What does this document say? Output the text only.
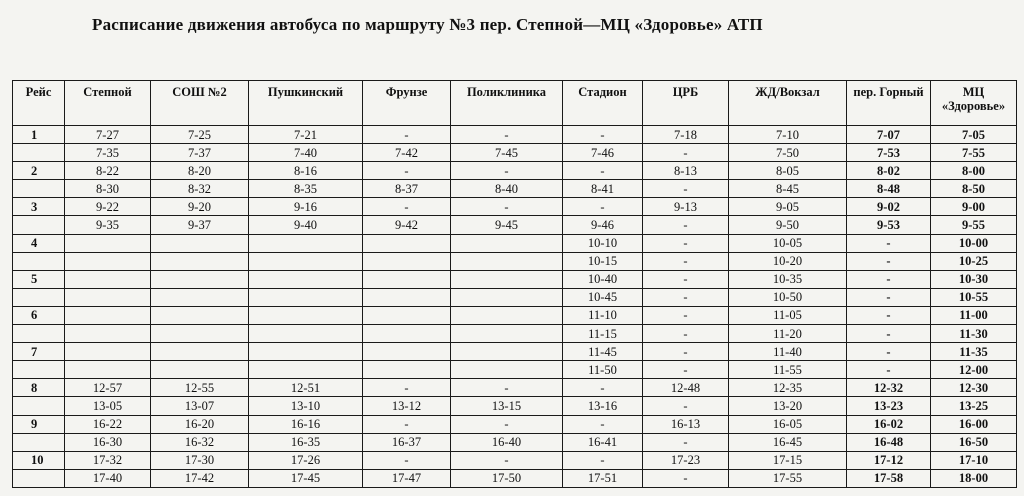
Расписание движения автобуса по маршруту №3 пер. Степной—МЦ «Здоровье» АТП
Рейс	Степной	СОШ №2	Пушкинский	Фрунзе	Поликлиника	Стадион	ЦРБ	ЖД/Вокзал	пер. Горный	МЦ «Здоровье»
1	7-27	7-25	7-21	-	-	-	7-18	7-10	7-07	7-05
	7-35	7-37	7-40	7-42	7-45	7-46	-	7-50	7-53	7-55
2	8-22	8-20	8-16	-	-	-	8-13	8-05	8-02	8-00
	8-30	8-32	8-35	8-37	8-40	8-41	-	8-45	8-48	8-50
3	9-22	9-20	9-16	-	-	-	9-13	9-05	9-02	9-00
	9-35	9-37	9-40	9-42	9-45	9-46	-	9-50	9-53	9-55
4						10-10	-	10-05	-	10-00
						10-15	-	10-20	-	10-25
5						10-40	-	10-35	-	10-30
						10-45	-	10-50	-	10-55
6						11-10	-	11-05	-	11-00
						11-15	-	11-20	-	11-30
7						11-45	-	11-40	-	11-35
						11-50	-	11-55	-	12-00
8	12-57	12-55	12-51	-	-	-	12-48	12-35	12-32	12-30
	13-05	13-07	13-10	13-12	13-15	13-16	-	13-20	13-23	13-25
9	16-22	16-20	16-16	-	-	-	16-13	16-05	16-02	16-00
	16-30	16-32	16-35	16-37	16-40	16-41	-	16-45	16-48	16-50
10	17-32	17-30	17-26	-	-	-	17-23	17-15	17-12	17-10
	17-40	17-42	17-45	17-47	17-50	17-51	-	17-55	17-58	18-00
